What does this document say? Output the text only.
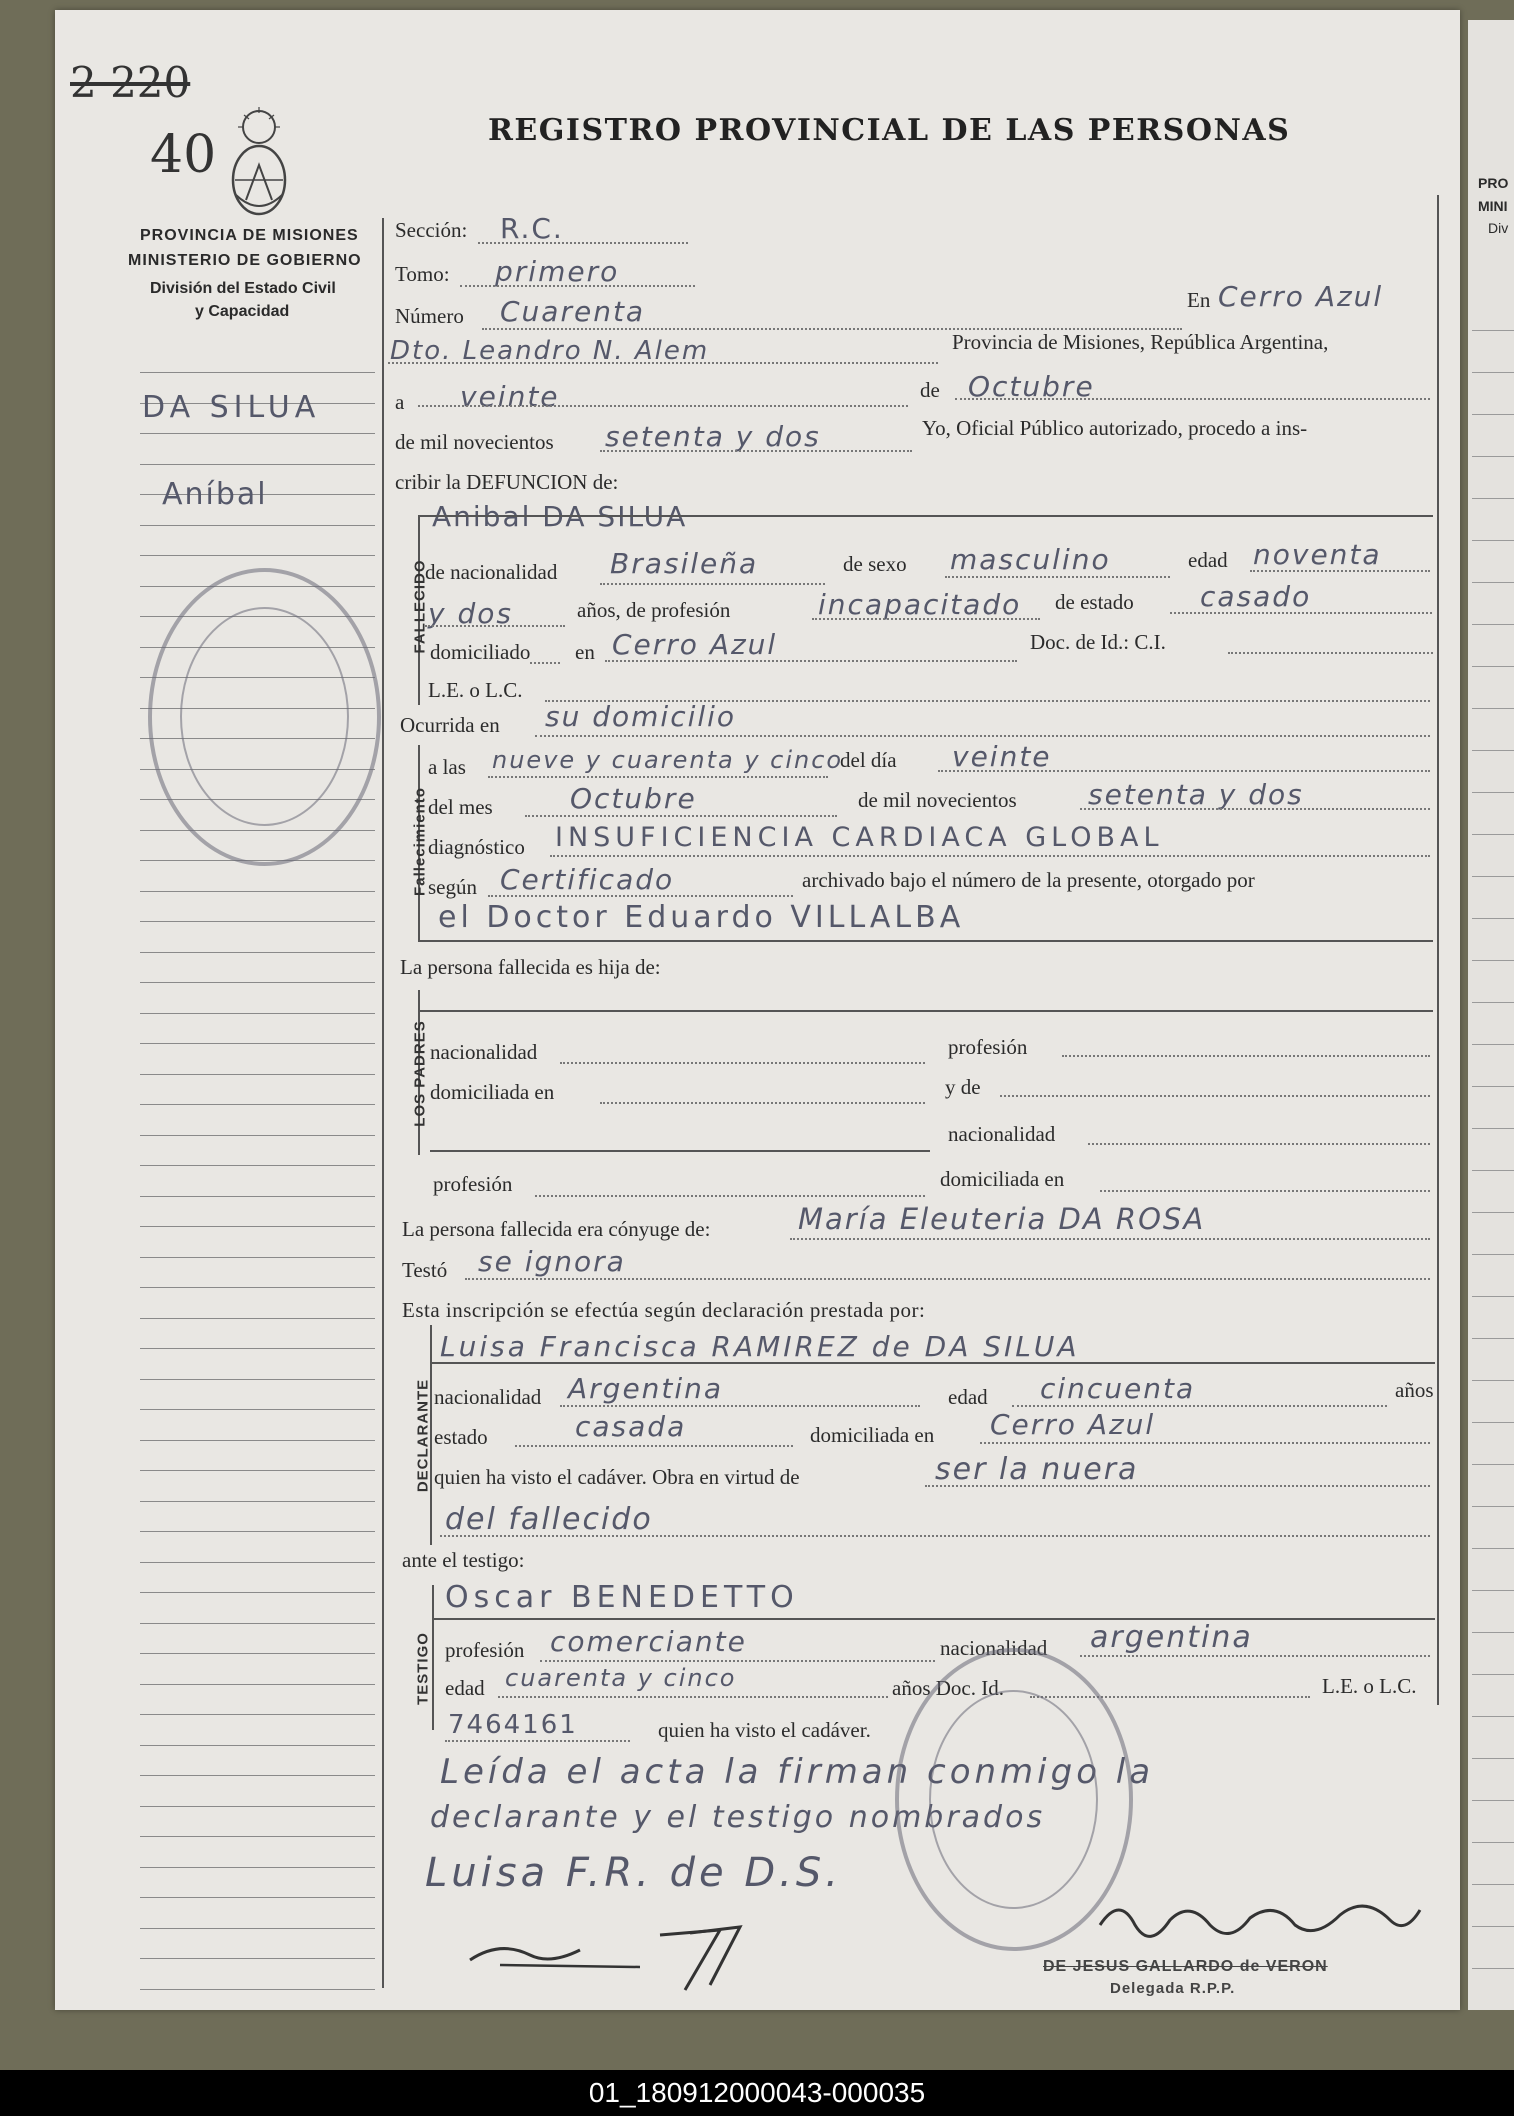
PRO
MINI
Div
2 220
40	REGISTRO PROVINCIAL DE LAS PERSONAS
PROVINCIA DE MISIONES
MINISTERIO DE GOBIERNO
División del Estado Civil
y Capacidad
DA SILUA
Aníbal
FALLECIDO
Fallecimiento
LOS PADRES
DECLARANTE
TESTIGO
Sección: R.C.
Tomo: primero
Número Cuarenta	En Cerro Azul
Dto. Leandro N. Alem	Provincia de Misiones, República Argentina,
a veinte	de Octubre
de mil novecientos setenta y dos	Yo, Oficial Público autorizado, procedo a ins-
cribir la DEFUNCION de:
Anibal DA SILUA
de nacionalidad Brasileña	de sexo masculino	edad noventa
y dos	años, de profesión	incapacitado de estado casado
domiciliado en Cerro Azul	Doc. de Id.: C.I.
L.E. o L.C.
Ocurrida en su domicilio
a las nueve y cuarenta y cinco
del día veinte
del mes	Octubre	de mil novecientos	setenta y dos
diagnóstico INSUFICIENCIA CARDIACA GLOBAL
según Certificado	archivado bajo el número de la presente, otorgado por
el Doctor Eduardo VILLALBA
La persona fallecida es hija de:
nacionalidad	profesión
domiciliada en	y de
nacionalidad
profesión	domiciliada en
La persona fallecida era cónyuge de:	María Eleuteria DA ROSA
Testó se ignora
Esta inscripción se efectúa según declaración prestada por:
Luisa Francisca RAMIREZ de DA SILUA
nacionalidad Argentina	edad cincuenta	años
estado	casada	domiciliada en Cerro Azul
quien ha visto el cadáver. Obra en virtud de	ser la nuera
del fallecido
ante el testigo:
Oscar BENEDETTO
profesión comerciante	nacionalidad argentina
edad cuarenta y cinco	años Doc. Id.	L.E. o L.C.
7464161	quien ha visto el cadáver.
Leída el acta la firman conmigo la
declarante y el testigo nombrados
Luisa F.R. de D.S.
DE JESUS GALLARDO de VERON
Delegada R.P.P.
01_180912000043-000035
